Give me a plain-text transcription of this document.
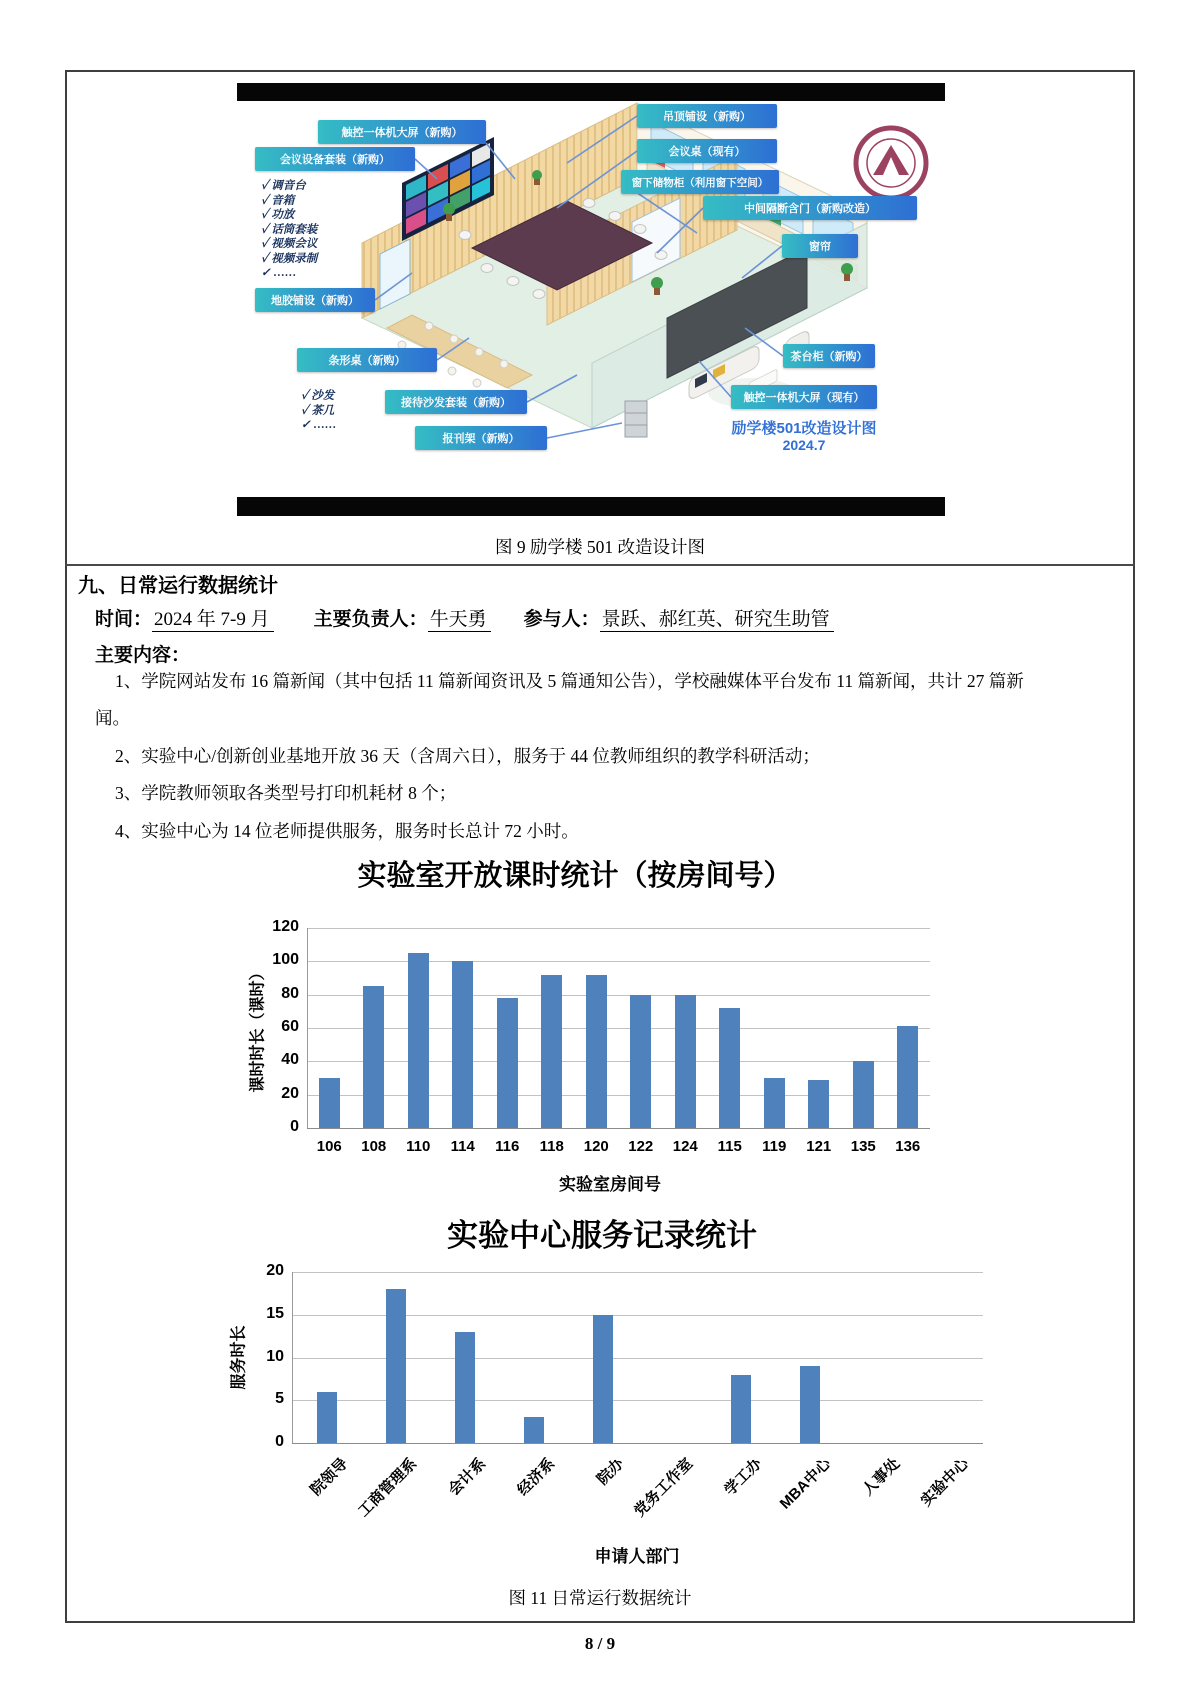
触控一体机大屏（新购）
会议设备套装（新购）
吊顶铺设（新购）
会议桌（现有）
窗下储物柜（利用窗下空间）
中间隔断含门（新购改造）
窗帘
地胶铺设（新购）
条形桌（新购）
接待沙发套装（新购）
报刊架（新购）
茶台柜（新购）
触控一体机大屏（现有）
✓ 调音台
✓ 音箱
✓ 功放
✓ 话筒套装
✓ 视频会议
✓ 视频录制
✓ ……
✓ 沙发
✓ 茶几
✓ ……	励学楼501改造设计图
2024.7
图 9 励学楼 501 改造设计图
九、日常运行数据统计
时间： 2024 年 7-9 月 主要负责人： 牛天勇 参与人： 景跃、郝红英、研究生助管
主要内容：
1、学院网站发布 16 篇新闻（其中包括 11 篇新闻资讯及 5 篇通知公告），学校融媒体平台发布 11 篇新闻，共计 27 篇新闻。
2、实验中心/创新创业基地开放 36 天（含周六日），服务于 44 位教师组织的教学科研活动；
3、学院教师领取各类型号打印机耗材 8 个；
4、实验中心为 14 位老师提供服务，服务时长总计 72 小时。
实验室开放课时统计（按房间号）
0
20
40
60
80
100
120
106	108	110	114	116	118	120	122	124	115	119	121	135	136
实验室房间号
课时时长（课时）
实验中心服务记录统计
0
5
10
15
20
院领导 工商管理系 会计系 经济系 院办 党务工作室 学工办 MBA中心 人事处 实验中心
申请人部门
服务时长
图 11 日常运行数据统计
8 / 9
